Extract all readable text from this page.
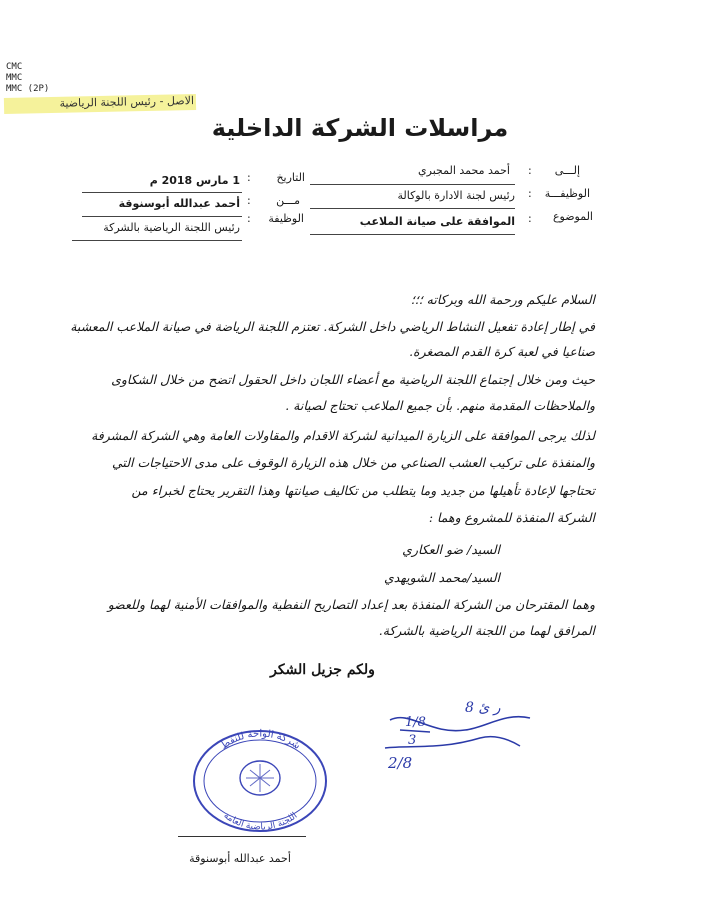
CMC
MMC
MMC (2P)
الاصل - رئيس اللجنة الرياضية
مراسلات الشركة الداخلية
إلـــى
:
أحمد محمد المجبري
الوظيفـــة
:
رئيس لجنة الادارة بالوكالة
الموضوع
:
الموافقة على صيانة الملاعب
التاريخ
:
1 مارس 2018 م
مـــن
:
أحمد عبدالله أبوسنوقة
الوظيفة
:
رئيس اللجنة الرياضية بالشركة
السلام عليكم ورحمة الله وبركاته ؛؛؛
في إطار إعادة تفعيل النشاط الرياضي داخل الشركة. تعتزم اللجنة الرياضة في صيانة الملاعب المعشبة
صناعيا في لعبة كرة القدم المصغرة.
حيث ومن خلال إجتماع اللجنة الرياضية مع أعضاء اللجان داخل الحقول اتضح من خلال الشكاوى
والملاحظات المقدمة منهم. بأن جميع الملاعب تحتاج لصيانة .
لذلك يرجى الموافقة على الزيارة الميدانية لشركة الاقدام والمقاولات العامة وهي الشركة المشرفة
والمنفذة على تركيب العشب الصناعي من خلال هذه الزيارة الوقوف على مدى الاحتياجات التي
تحتاجها لإعادة تأهيلها من جديد وما يتطلب من تكاليف صيانتها وهذا التقرير يحتاج لخبراء من
الشركة المنفذة للمشروع وهما :
السيد/ ضو العكاري
السيد/محمد الشويهدي
وهما المقترحان من الشركة المنفذة بعد إعداد التصاريح النفطية والموافقات الأمنية لهما وللعضو
المرافق لهما من اللجنة الرياضية بالشركة.
ولكم جزيل الشكر
ر ئ 8
1/8
3
2/8
شركة الواحة للنفط
اللجنة الرياضية العامة
أحمد عبدالله أبوسنوقة
